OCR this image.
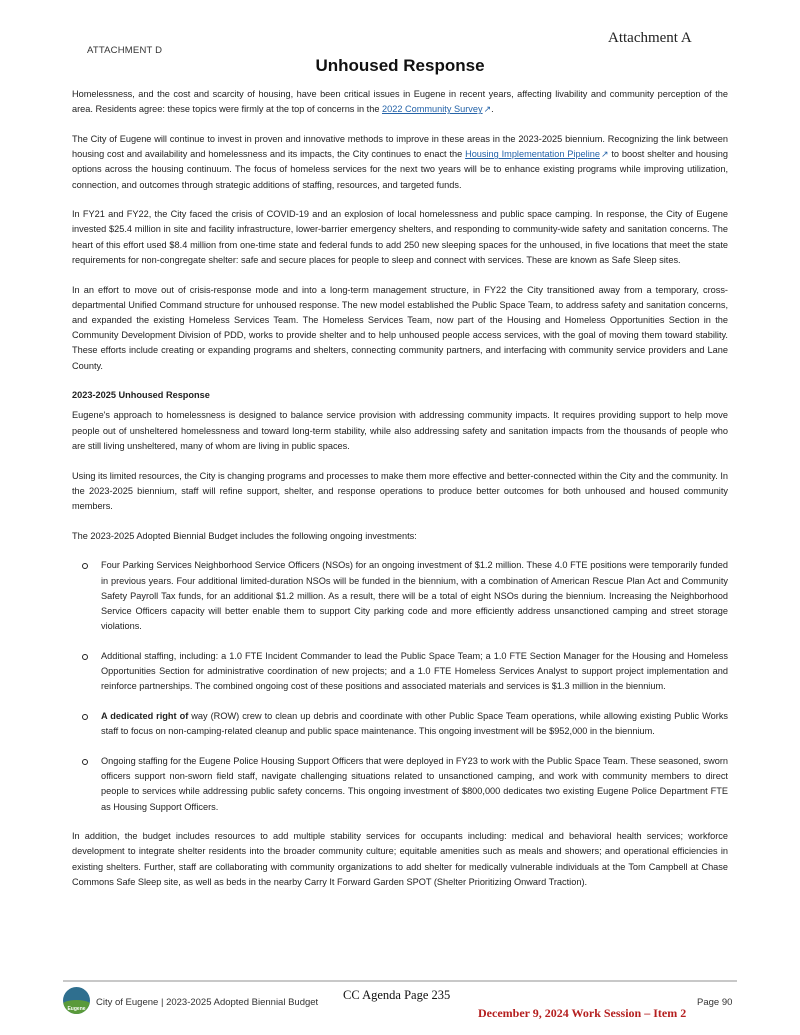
Attachment A
ATTACHMENT D
Unhoused Response

Homelessness, and the cost and scarcity of housing, have been critical issues in Eugene in recent years, affecting livability and community perception of the area. Residents agree: these topics were firmly at the top of concerns in the 2022 Community Survey↗.

The City of Eugene will continue to invest in proven and innovative methods to improve in these areas in the 2023-2025 biennium. Recognizing the link between housing cost and availability and homelessness and its impacts, the City continues to enact the Housing Implementation Pipeline↗ to boost shelter and housing options across the housing continuum. The focus of homeless services for the next two years will be to enhance existing programs while improving utilization, connection, and outcomes through strategic additions of staffing, resources, and targeted funds.

In FY21 and FY22, the City faced the crisis of COVID-19 and an explosion of local homelessness and public space camping. In response, the City of Eugene invested $25.4 million in site and facility infrastructure, lower-barrier emergency shelters, and responding to community-wide safety and sanitation concerns. The heart of this effort used $8.4 million from one-time state and federal funds to add 250 new sleeping spaces for the unhoused, in five locations that meet the state requirements for non-congregate shelter: safe and secure places for people to sleep and connect with services. These are known as Safe Sleep sites.

In an effort to move out of crisis-response mode and into a long-term management structure, in FY22 the City transitioned away from a temporary, cross-departmental Unified Command structure for unhoused response. The new model established the Public Space Team, to address safety and sanitation concerns, and expanded the existing Homeless Services Team. The Homeless Services Team, now part of the Housing and Homeless Opportunities Section in the Community Development Division of PDD, works to provide shelter and to help unhoused people access services, with the goal of moving them toward stability. These efforts include creating or expanding programs and shelters, connecting community partners, and interfacing with community service providers and Lane County.

2023-2025 Unhoused Response

Eugene's approach to homelessness is designed to balance service provision with addressing community impacts. It requires providing support to help move people out of unsheltered homelessness and toward long-term stability, while also addressing safety and sanitation impacts from the thousands of people who are still living unsheltered, many of whom are living in public spaces.

Using its limited resources, the City is changing programs and processes to make them more effective and better-connected within the City and the community. In the 2023-2025 biennium, staff will refine support, shelter, and response operations to produce better outcomes for both unhoused and housed community members.

The 2023-2025 Adopted Biennial Budget includes the following ongoing investments:

Four Parking Services Neighborhood Service Officers (NSOs) for an ongoing investment of $1.2 million. These 4.0 FTE positions were temporarily funded in previous years. Four additional limited-duration NSOs will be funded in the biennium, with a combination of American Rescue Plan Act and Community Safety Payroll Tax funds, for an additional $1.2 million. As a result, there will be a total of eight NSOs during the biennium. Increasing the Neighborhood Service Officers capacity will better enable them to support City parking code and more efficiently address unsanctioned camping and street storage violations.
Additional staffing, including: a 1.0 FTE Incident Commander to lead the Public Space Team; a 1.0 FTE Section Manager for the Housing and Homeless Opportunities Section for administrative coordination of new projects; and a 1.0 FTE Homeless Services Analyst to support project implementation and reinforce partnerships. The combined ongoing cost of these positions and associated materials and services is $1.3 million in the biennium.
A dedicated right of way (ROW) crew to clean up debris and coordinate with other Public Space Team operations, while allowing existing Public Works staff to focus on non-camping-related cleanup and public space maintenance. This ongoing investment will be $952,000 in the biennium.
Ongoing staffing for the Eugene Police Housing Support Officers that were deployed in FY23 to work with the Public Space Team. These seasoned, sworn officers support non-sworn field staff, navigate challenging situations related to unsanctioned camping, and work with community members to direct people to services while addressing public safety concerns. This ongoing investment of $800,000 dedicates two existing Eugene Police Department FTE as Housing Support Officers.

In addition, the budget includes resources to add multiple stability services for occupants including: medical and behavioral health services; workforce development to integrate shelter residents into the broader community culture; equitable amenities such as meals and showers; and operational efficiencies in existing shelters. Further, staff are collaborating with community organizations to add shelter for medically vulnerable individuals at the Tom Campbell at Chase Commons Safe Sleep site, as well as beds in the nearby Carry It Forward Garden SPOT (Shelter Prioritizing Onward Traction).

Eugene
City of Eugene | 2023-2025 Adopted Biennial Budget
CC Agenda Page 235
Page 90
December 9, 2024 Work Session – Item 2
